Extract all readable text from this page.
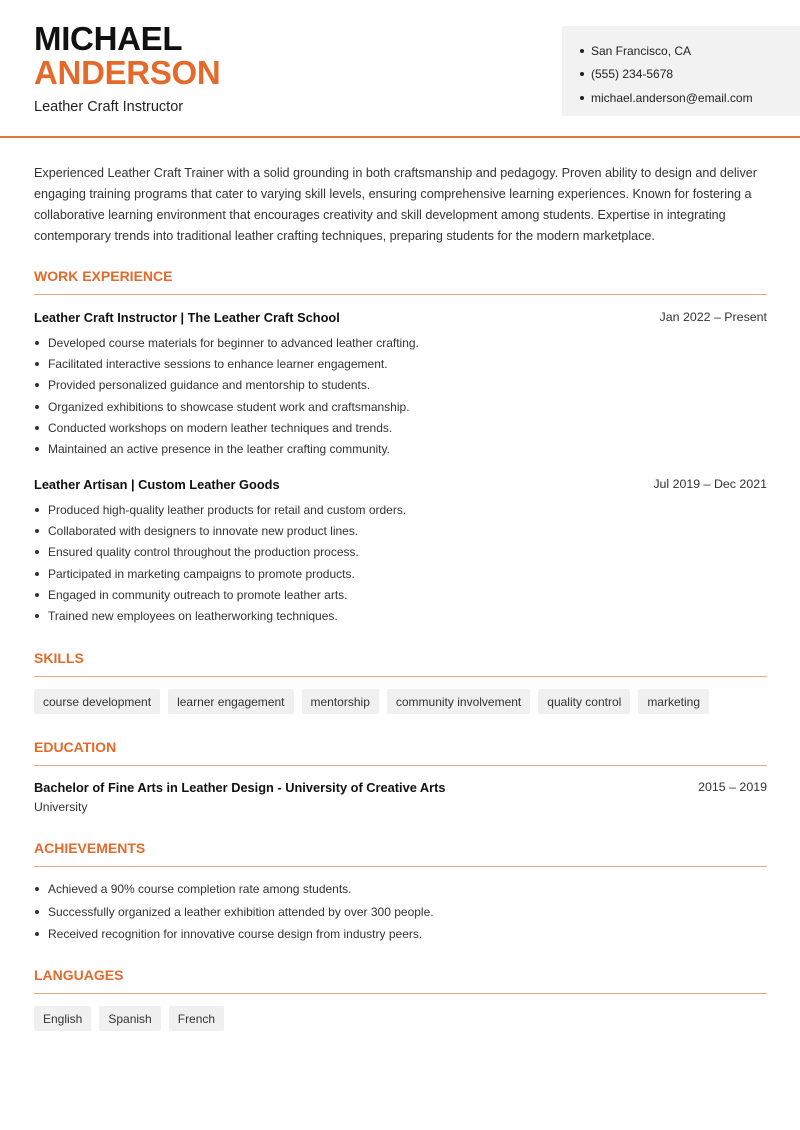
MICHAEL
ANDERSON
Leather Craft Instructor
San Francisco, CA
(555) 234-5678
michael.anderson@email.com
Experienced Leather Craft Trainer with a solid grounding in both craftsmanship and pedagogy. Proven ability to design and deliver engaging training programs that cater to varying skill levels, ensuring comprehensive learning experiences. Known for fostering a collaborative learning environment that encourages creativity and skill development among students. Expertise in integrating contemporary trends into traditional leather crafting techniques, preparing students for the modern marketplace.
WORK EXPERIENCE
Leather Craft Instructor | The Leather Craft School	Jan 2022 – Present
Developed course materials for beginner to advanced leather crafting.
Facilitated interactive sessions to enhance learner engagement.
Provided personalized guidance and mentorship to students.
Organized exhibitions to showcase student work and craftsmanship.
Conducted workshops on modern leather techniques and trends.
Maintained an active presence in the leather crafting community.
Leather Artisan | Custom Leather Goods	Jul 2019 – Dec 2021
Produced high-quality leather products for retail and custom orders.
Collaborated with designers to innovate new product lines.
Ensured quality control throughout the production process.
Participated in marketing campaigns to promote products.
Engaged in community outreach to promote leather arts.
Trained new employees on leatherworking techniques.
SKILLS
course development	learner engagement	mentorship	community involvement	quality control	marketing
EDUCATION
Bachelor of Fine Arts in Leather Design - University of Creative Arts	2015 – 2019
University
ACHIEVEMENTS
Achieved a 90% course completion rate among students.
Successfully organized a leather exhibition attended by over 300 people.
Received recognition for innovative course design from industry peers.
LANGUAGES
English	Spanish	French
